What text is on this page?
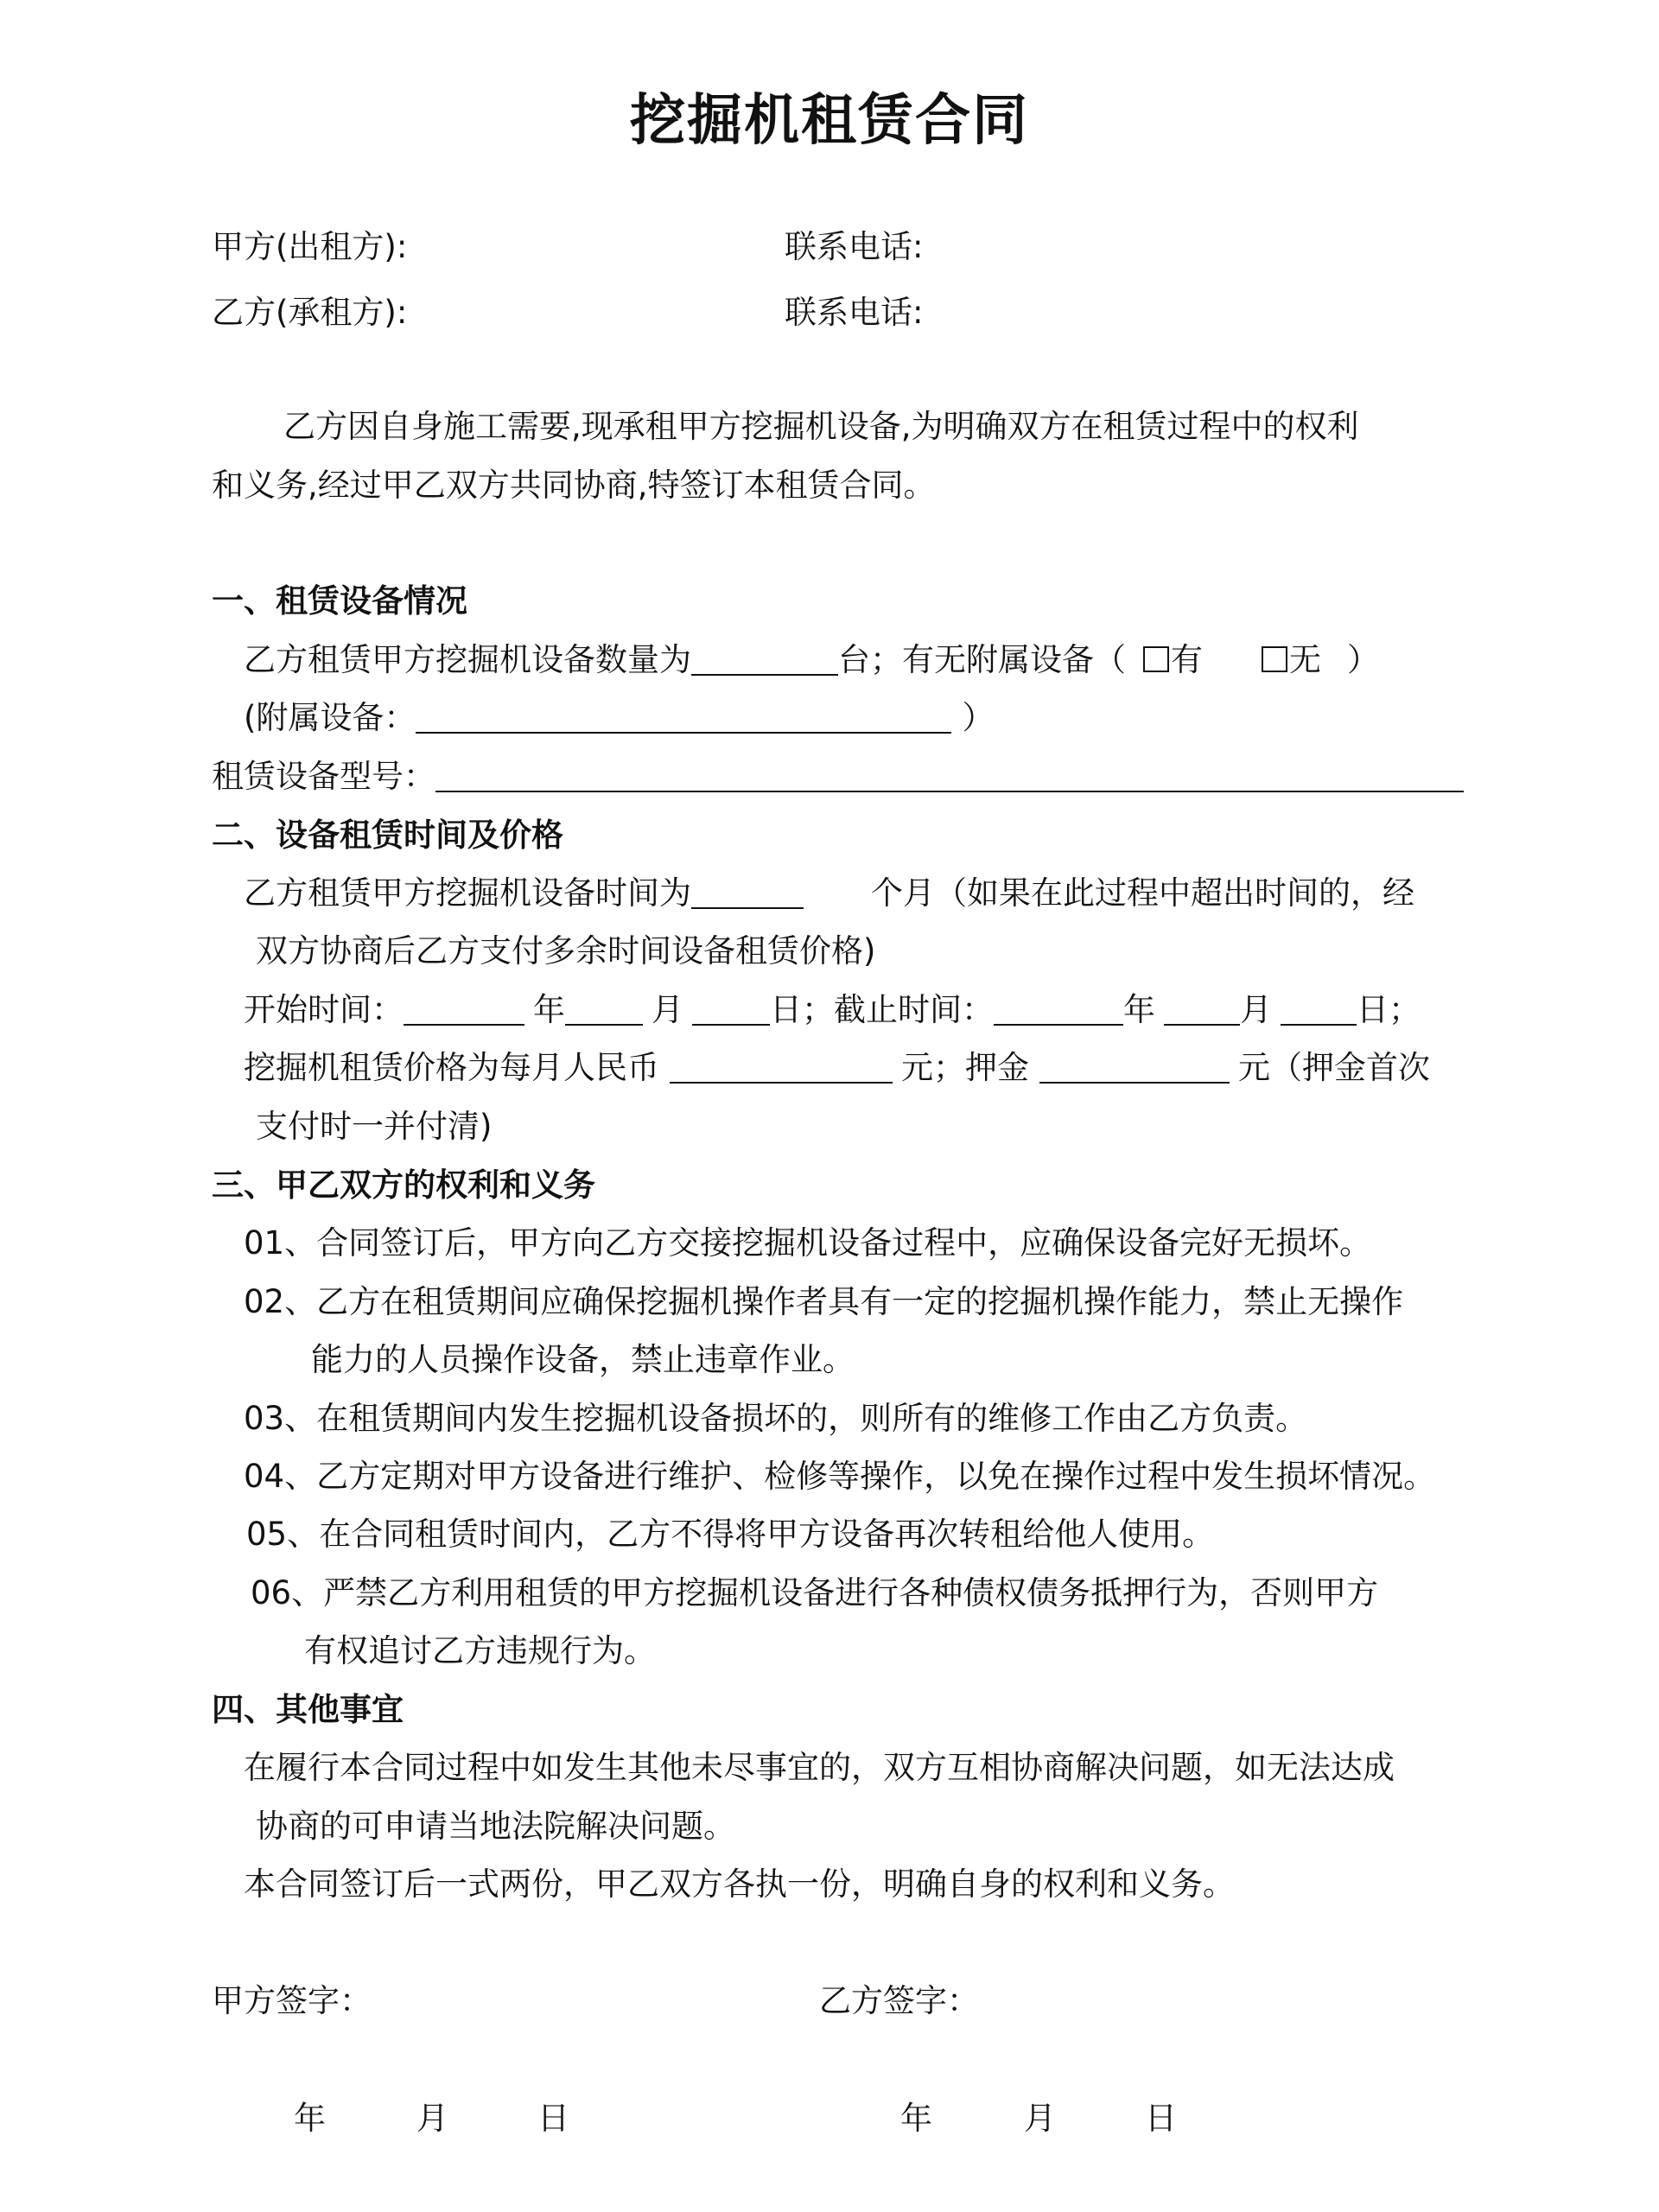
挖掘机租赁合同
甲方(出租方):	联系电话:
乙方(承租方):	联系电话:
乙方因自身施工需要,现承租甲方挖掘机设备,为明确双方在租赁过程中的权利
和义务,经过甲乙双方共同协商,特签订本租赁合同。
一、租赁设备情况
乙方租赁甲方挖掘机设备数量为	台；有无附属设备（ 有	无 ）
(附属设备：	）
租赁设备型号：
二、设备租赁时间及价格
乙方租赁甲方挖掘机设备时间为	个月（如果在此过程中超出时间的，经
双方协商后乙方支付多余时间设备租赁价格)
开始时间：	年	月	日；截止时间：	年	月	日；
挖掘机租赁价格为每月人民币	元；押金	元（押金首次
支付时一并付清)
三、甲乙双方的权利和义务
01、合同签订后，甲方向乙方交接挖掘机设备过程中，应确保设备完好无损坏。
02、乙方在租赁期间应确保挖掘机操作者具有一定的挖掘机操作能力，禁止无操作
能力的人员操作设备，禁止违章作业。
03、在租赁期间内发生挖掘机设备损坏的，则所有的维修工作由乙方负责。
04、乙方定期对甲方设备进行维护、检修等操作，以免在操作过程中发生损坏情况。
05、在合同租赁时间内，乙方不得将甲方设备再次转租给他人使用。
06、严禁乙方利用租赁的甲方挖掘机设备进行各种债权债务抵押行为，否则甲方
有权追讨乙方违规行为。
四、其他事宜
在履行本合同过程中如发生其他未尽事宜的，双方互相协商解决问题，如无法达成
协商的可申请当地法院解决问题。
本合同签订后一式两份，甲乙双方各执一份，明确自身的权利和义务。
甲方签字：	乙方签字：
年	月	日	年	月	日
